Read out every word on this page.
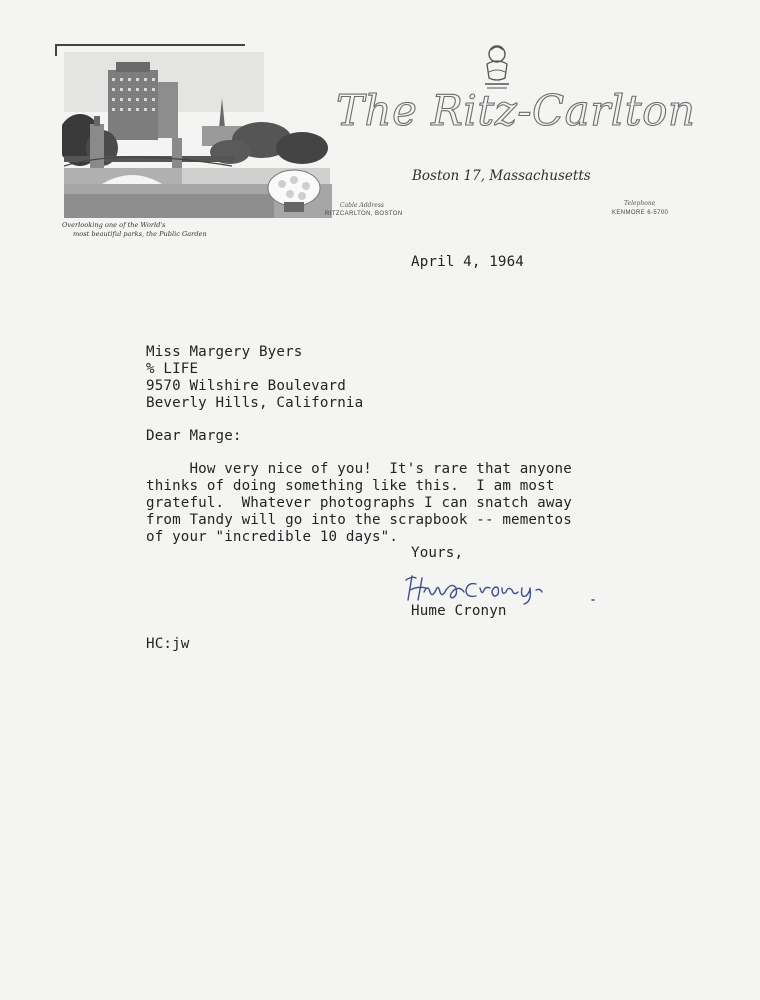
Overlooking one of the World's
most beautiful parks, the Public Garden
The Ritz-Carlton
Boston 17, Massachusetts
Cable Address
RITZCARLTON, BOSTON
Telephone
KENMORE 6-5700
April 4, 1964
Miss Margery Byers
% LIFE
9570 Wilshire Boulevard
Beverly Hills, California
Dear Marge:
How very nice of you!  It's rare that anyone
thinks of doing something like this.  I am most
grateful.  Whatever photographs I can snatch away
from Tandy will go into the scrapbook -- mementos
of your "incredible 10 days".
Yours,
Hume Cronyn
HC:jw
